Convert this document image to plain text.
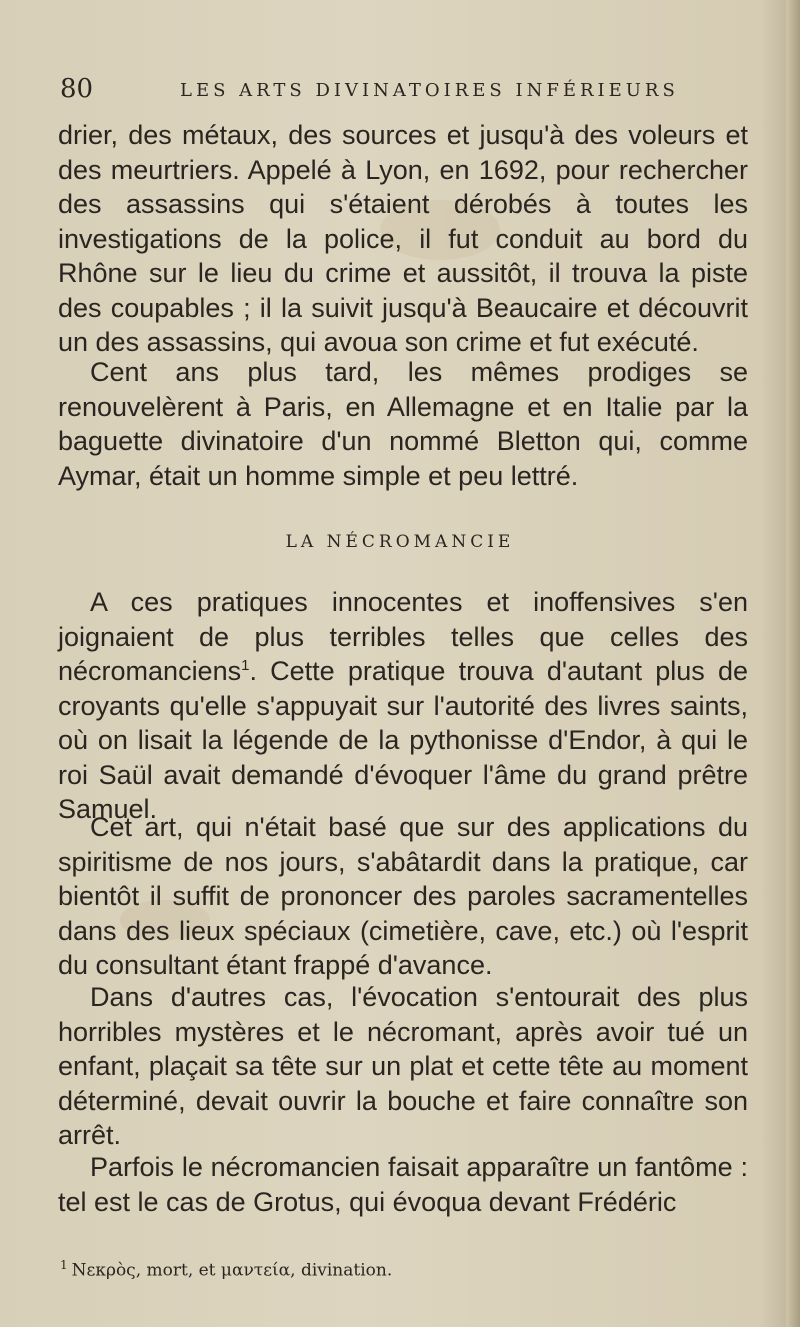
80	LES ARTS DIVINATOIRES INFÉRIEURS

drier, des métaux, des sources et jusqu'à des voleurs et des meurtriers. Appelé à Lyon, en 1692, pour rechercher des assassins qui s'étaient dérobés à toutes les investigations de la police, il fut conduit au bord du Rhône sur le lieu du crime et aussitôt, il trouva la piste des coupables ; il la suivit jusqu'à Beaucaire et découvrit un des assassins, qui avoua son crime et fut exécuté.

Cent ans plus tard, les mêmes prodiges se renouvelèrent à Paris, en Allemagne et en Italie par la baguette divinatoire d'un nommé Bletton qui, comme Aymar, était un homme simple et peu lettré.

LA NÉCROMANCIE

A ces pratiques innocentes et inoffensives s'en joignaient de plus terribles telles que celles des nécromanciens$^1$. Cette pratique trouva d'autant plus de croyants qu'elle s'appuyait sur l'autorité des livres saints, où on lisait la légende de la pythonisse d'Endor, à qui le roi Saül avait demandé d'évoquer l'âme du grand prêtre Samuel.

Cet art, qui n'était basé que sur des applications du spiritisme de nos jours, s'abâtardit dans la pratique, car bientôt il suffit de prononcer des paroles sacramentelles dans des lieux spéciaux (cimetière, cave, etc.) où l'esprit du consultant étant frappé d'avance.

Dans d'autres cas, l'évocation s'entourait des plus horribles mystères et le nécromant, après avoir tué un enfant, plaçait sa tête sur un plat et cette tête au moment déterminé, devait ouvrir la bouche et faire connaître son arrêt.

Parfois le nécromancien faisait apparaître un fantôme : tel est le cas de Grotus, qui évoqua devant Frédéric

$^1$ Νεκρὸς, mort, et μαντεία, divination.
